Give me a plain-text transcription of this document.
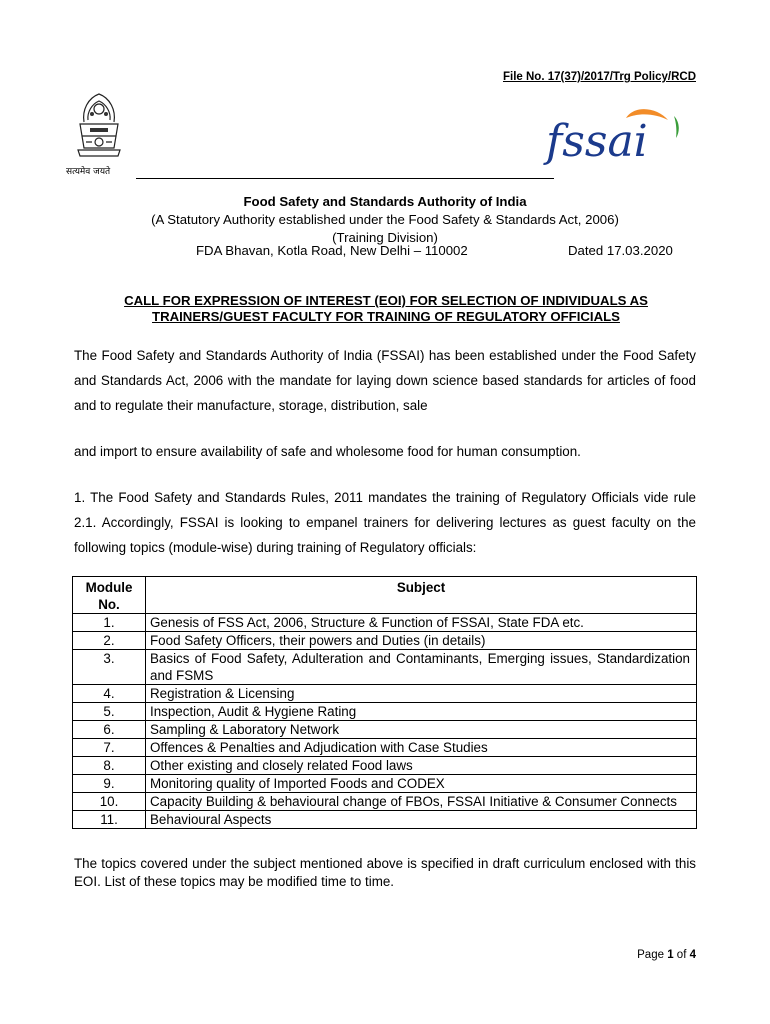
File No. 17(37)/2017/Trg Policy/RCD
सत्यमेव जयते
fssai
Food Safety and Standards Authority of India
(A Statutory Authority established under the Food Safety & Standards Act, 2006)
(Training Division)
FDA Bhavan, Kotla Road, New Delhi – 110002	Dated 17.03.2020
CALL FOR EXPRESSION OF INTEREST (EOI) FOR SELECTION OF INDIVIDUALS AS
TRAINERS/GUEST FACULTY FOR TRAINING OF REGULATORY OFFICIALS
The Food Safety and Standards Authority of India (FSSAI) has been established under the Food Safety and Standards Act, 2006 with the mandate for laying down science based standards for articles of food and to regulate their manufacture, storage, distribution, sale
and import to ensure availability of safe and wholesome food for human consumption.
1. The Food Safety and Standards Rules, 2011 mandates the training of Regulatory Officials vide rule 2.1. Accordingly, FSSAI is looking to empanel trainers for delivering lectures as guest faculty on the following topics (module-wise) during training of Regulatory officials:
Module No.	Subject
1.	Genesis of FSS Act, 2006, Structure & Function of FSSAI, State FDA etc.
2.	Food Safety Officers, their powers and Duties (in details)
3.	Basics of Food Safety, Adulteration and Contaminants, Emerging issues, Standardization and FSMS
4.	Registration & Licensing
5.	Inspection, Audit & Hygiene Rating
6.	Sampling & Laboratory Network
7.	Offences & Penalties and Adjudication with Case Studies
8.	Other existing and closely related Food laws
9.	Monitoring quality of Imported Foods and CODEX
10.	Capacity Building & behavioural change of FBOs, FSSAI Initiative & Consumer Connects
11.	Behavioural Aspects
The topics covered under the subject mentioned above is specified in draft curriculum enclosed with this EOI. List of these topics may be modified time to time.
Page 1 of 4
